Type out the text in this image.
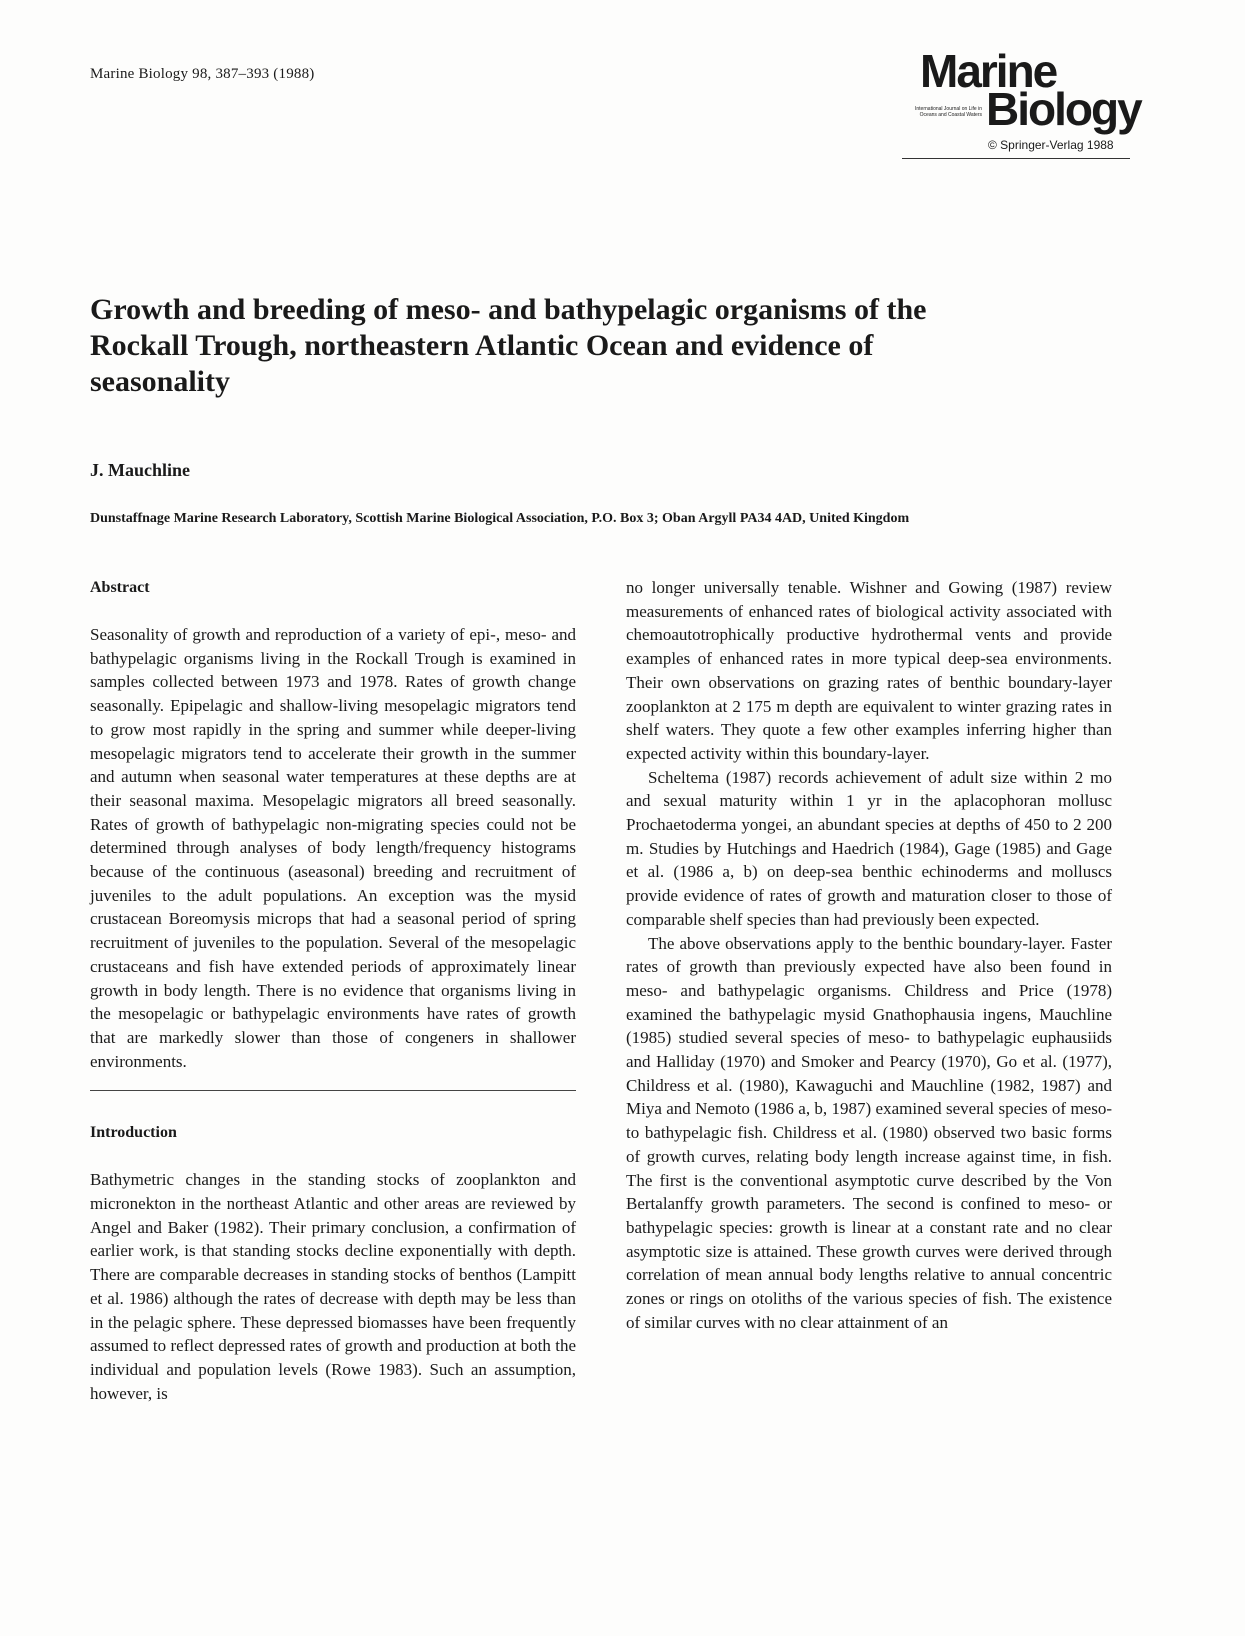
Marine Biology 98, 387–393 (1988)	Marine
International Journal on Life in Oceans and Coastal Waters Biology
© Springer-Verlag 1988
Growth and breeding of meso- and bathypelagic organisms of the Rockall Trough, northeastern Atlantic Ocean and evidence of seasonality
J. Mauchline
Dunstaffnage Marine Research Laboratory, Scottish Marine Biological Association, P.O. Box 3; Oban Argyll PA34 4AD, United Kingdom
Abstract

Seasonality of growth and reproduction of a variety of epi-, meso- and bathypelagic organisms living in the Rockall Trough is examined in samples collected between 1973 and 1978. Rates of growth change seasonally. Epipelagic and shallow-living mesopelagic migrators tend to grow most rapidly in the spring and summer while deeper-living mesopelagic migrators tend to accelerate their growth in the summer and autumn when seasonal water temperatures at these depths are at their seasonal maxima. Mesopelagic migrators all breed seasonally. Rates of growth of bathypelagic non-migrating species could not be determined through analyses of body length/frequency histograms because of the continuous (aseasonal) breeding and recruitment of juveniles to the adult populations. An exception was the mysid crustacean Boreomysis microps that had a seasonal period of spring recruitment of juveniles to the population. Several of the mesopelagic crustaceans and fish have extended periods of approximately linear growth in body length. There is no evidence that organisms living in the mesopelagic or bathypelagic environments have rates of growth that are markedly slower than those of congeners in shallower environments.

Introduction

Bathymetric changes in the standing stocks of zooplankton and micronekton in the northeast Atlantic and other areas are reviewed by Angel and Baker (1982). Their primary conclusion, a confirmation of earlier work, is that standing stocks decline exponentially with depth. There are comparable decreases in standing stocks of benthos (Lampitt et al. 1986) although the rates of decrease with depth may be less than in the pelagic sphere. These depressed biomasses have been frequently assumed to reflect depressed rates of growth and production at both the individual and population levels (Rowe 1983). Such an assumption, however, is

no longer universally tenable. Wishner and Gowing (1987) review measurements of enhanced rates of biological activity associated with chemoautotrophically productive hydrothermal vents and provide examples of enhanced rates in more typical deep-sea environments. Their own observations on grazing rates of benthic boundary-layer zooplankton at 2 175 m depth are equivalent to winter grazing rates in shelf waters. They quote a few other examples inferring higher than expected activity within this boundary-layer.

Scheltema (1987) records achievement of adult size within 2 mo and sexual maturity within 1 yr in the aplacophoran mollusc Prochaetoderma yongei, an abundant species at depths of 450 to 2 200 m. Studies by Hutchings and Haedrich (1984), Gage (1985) and Gage et al. (1986 a, b) on deep-sea benthic echinoderms and molluscs provide evidence of rates of growth and maturation closer to those of comparable shelf species than had previously been expected.

The above observations apply to the benthic boundary-layer. Faster rates of growth than previously expected have also been found in meso- and bathypelagic organisms. Childress and Price (1978) examined the bathypelagic mysid Gnathophausia ingens, Mauchline (1985) studied several species of meso- to bathypelagic euphausiids and Halliday (1970) and Smoker and Pearcy (1970), Go et al. (1977), Childress et al. (1980), Kawaguchi and Mauchline (1982, 1987) and Miya and Nemoto (1986 a, b, 1987) examined several species of meso- to bathypelagic fish. Childress et al. (1980) observed two basic forms of growth curves, relating body length increase against time, in fish. The first is the conventional asymptotic curve described by the Von Bertalanffy growth parameters. The second is confined to meso- or bathypelagic species: growth is linear at a constant rate and no clear asymptotic size is attained. These growth curves were derived through correlation of mean annual body lengths relative to annual concentric zones or rings on otoliths of the various species of fish. The existence of similar curves with no clear attainment of an
